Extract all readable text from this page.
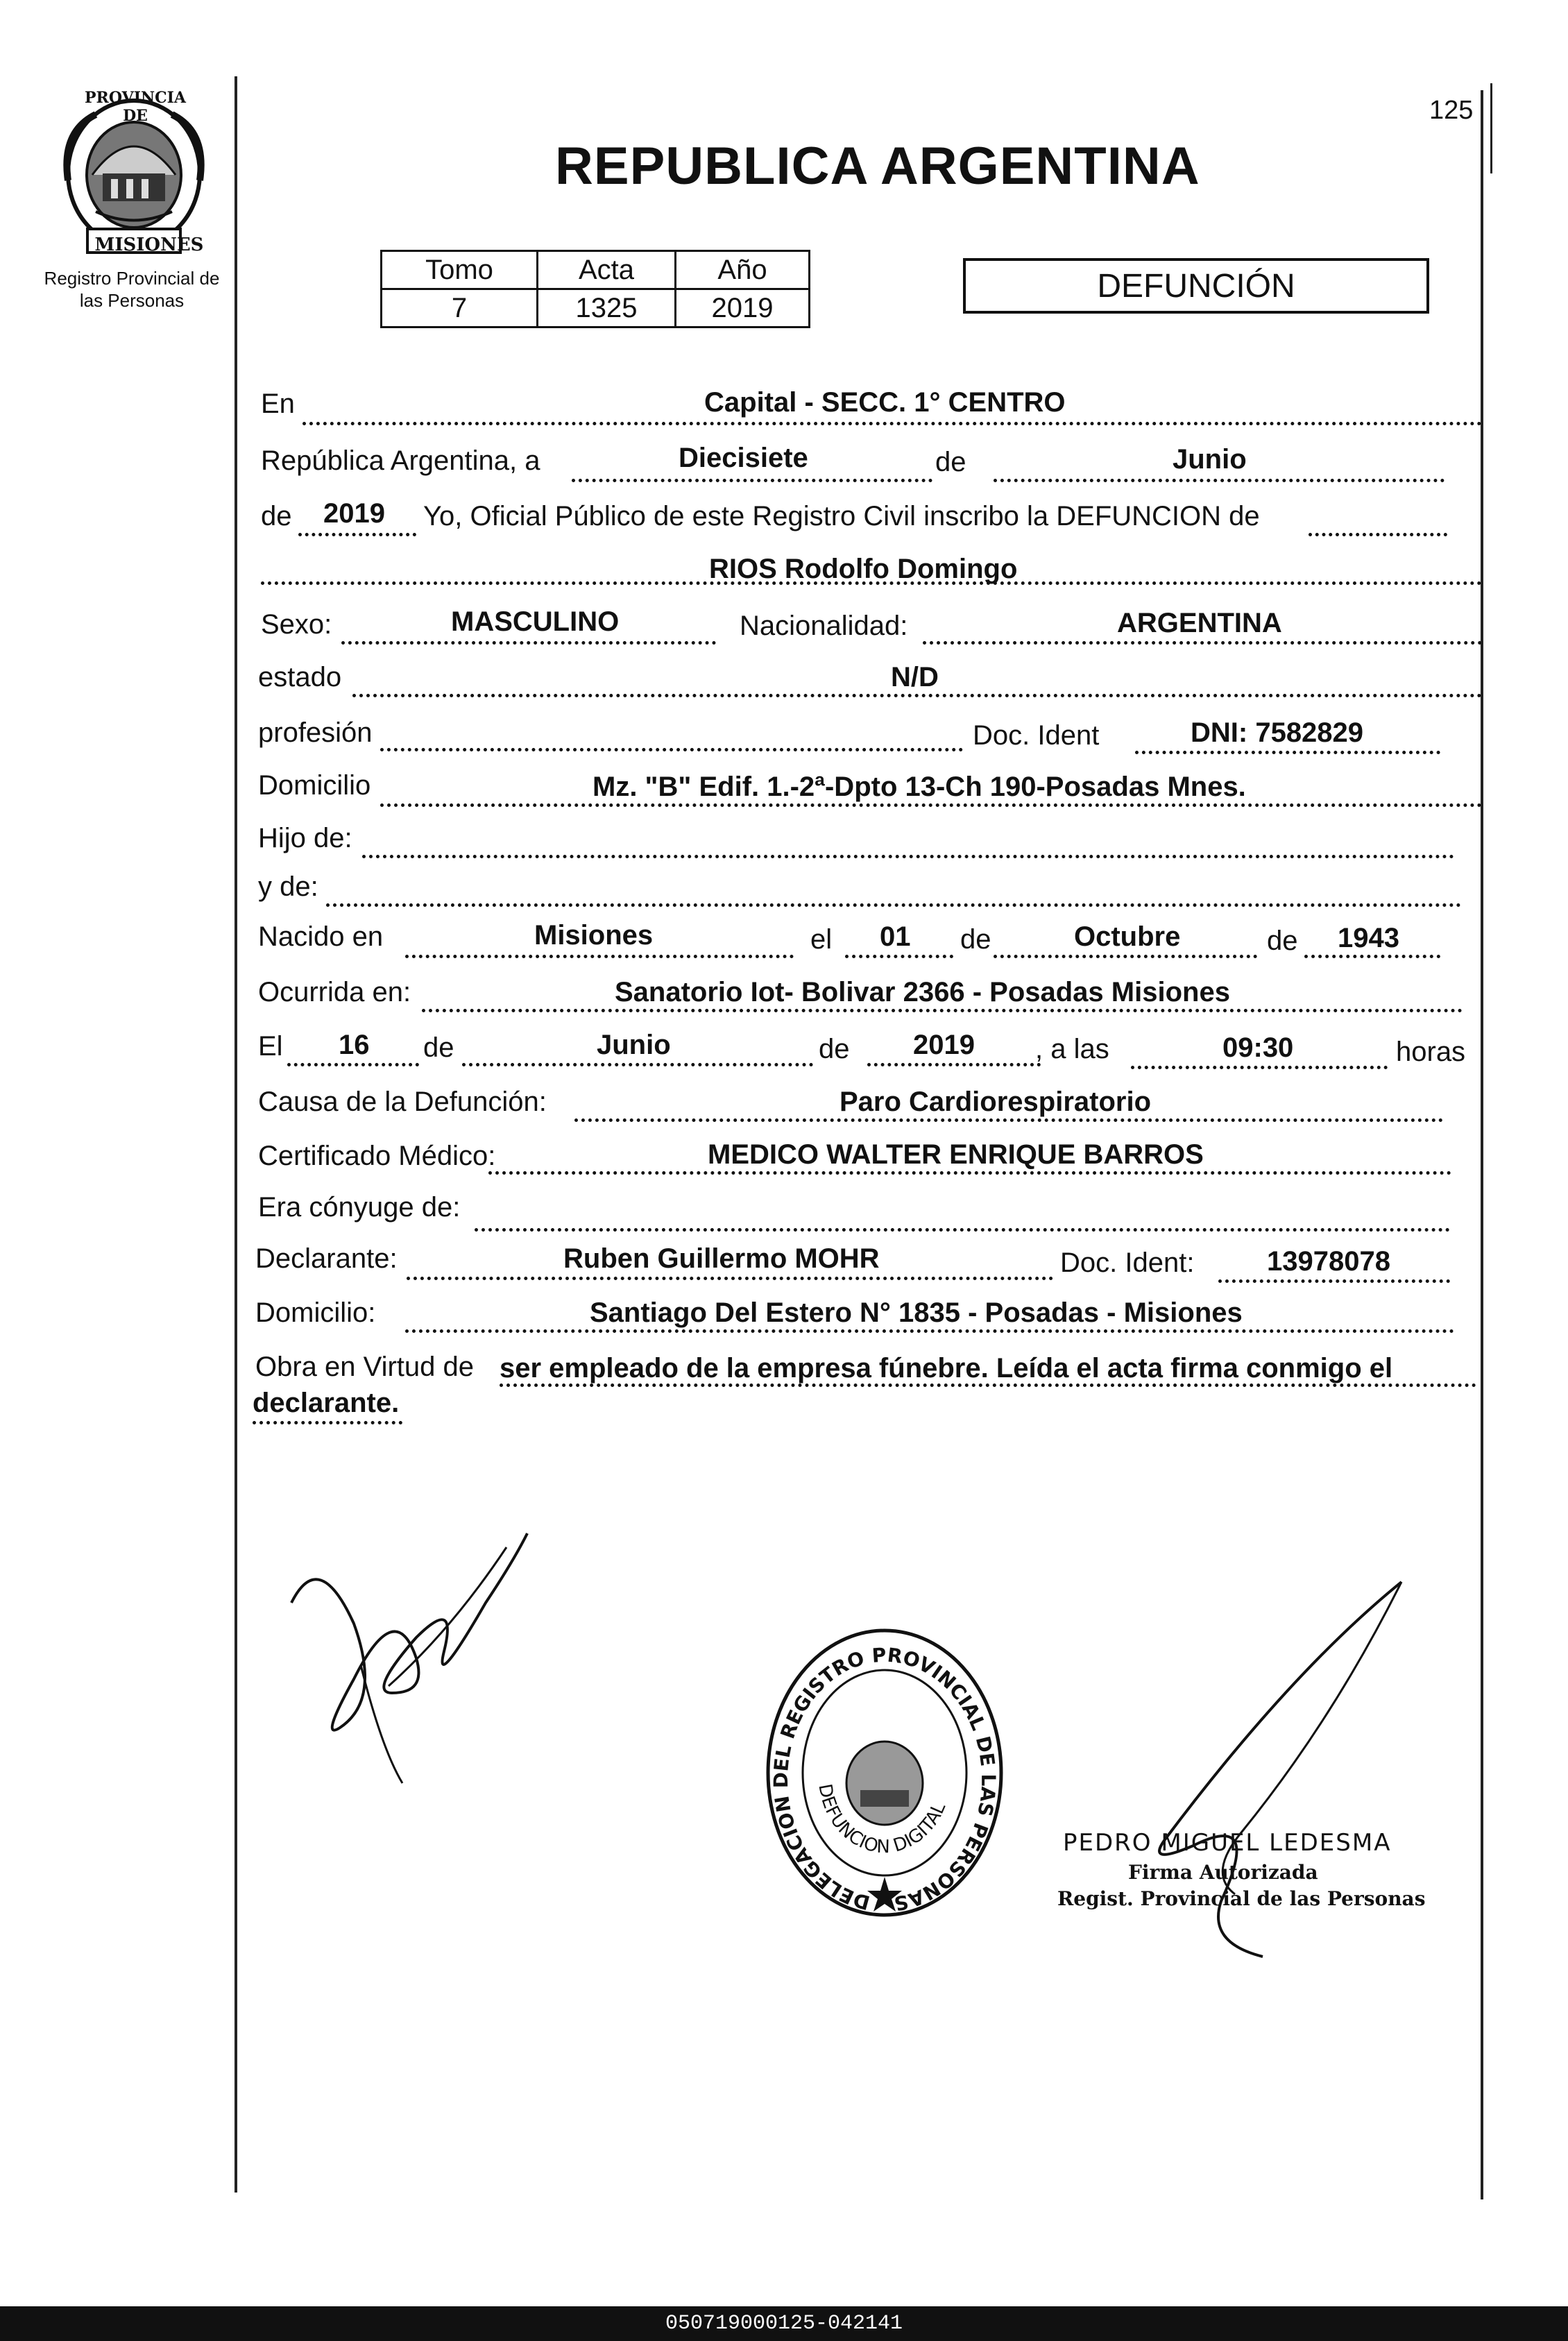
PROVINCIA DE
MISIONES
Registro Provincial de
las Personas
125
REPUBLICA ARGENTINA
Tomo	Acta	Año
7	1325	2019
DEFUNCIÓN
En	Capital - SECC. 1° CENTRO
República Argentina, a	Diecisiete	de	Junio
de 2019 Yo, Oficial Público de este Registro Civil inscribo la DEFUNCION de
RIOS Rodolfo Domingo
Sexo:	MASCULINO	Nacionalidad:	ARGENTINA
estado	N/D
profesión	Doc. Ident	DNI: 7582829
Domicilio	Mz. "B" Edif. 1.-2ª-Dpto 13-Ch 190-Posadas Mnes.
Hijo de:
y de:
Nacido en	Misiones	el 01 de	Octubre	de 1943
Ocurrida en:	Sanatorio Iot- Bolivar 2366 - Posadas Misiones
El 16 de	Junio	de 2019 , a las	09:30	horas
Causa de la Defunción:	Paro Cardiorespiratorio
Certificado Médico:	MEDICO WALTER ENRIQUE BARROS
Era cónyuge de:
Declarante:	Ruben Guillermo MOHR	Doc. Ident:	13978078
Domicilio:	Santiago Del Estero N° 1835 - Posadas - Misiones
Obra en Virtud de ser empleado de la empresa fúnebre. Leída el acta firma conmigo el
declarante.
DELEGACION DEL REGISTRO PROVINCIAL DE LAS PERSONAS
DEFUNCION DIGITAL
PEDRO MIGUEL LEDESMA
Firma Autorizada
Regist. Provincial de las Personas
050719000125-042141
